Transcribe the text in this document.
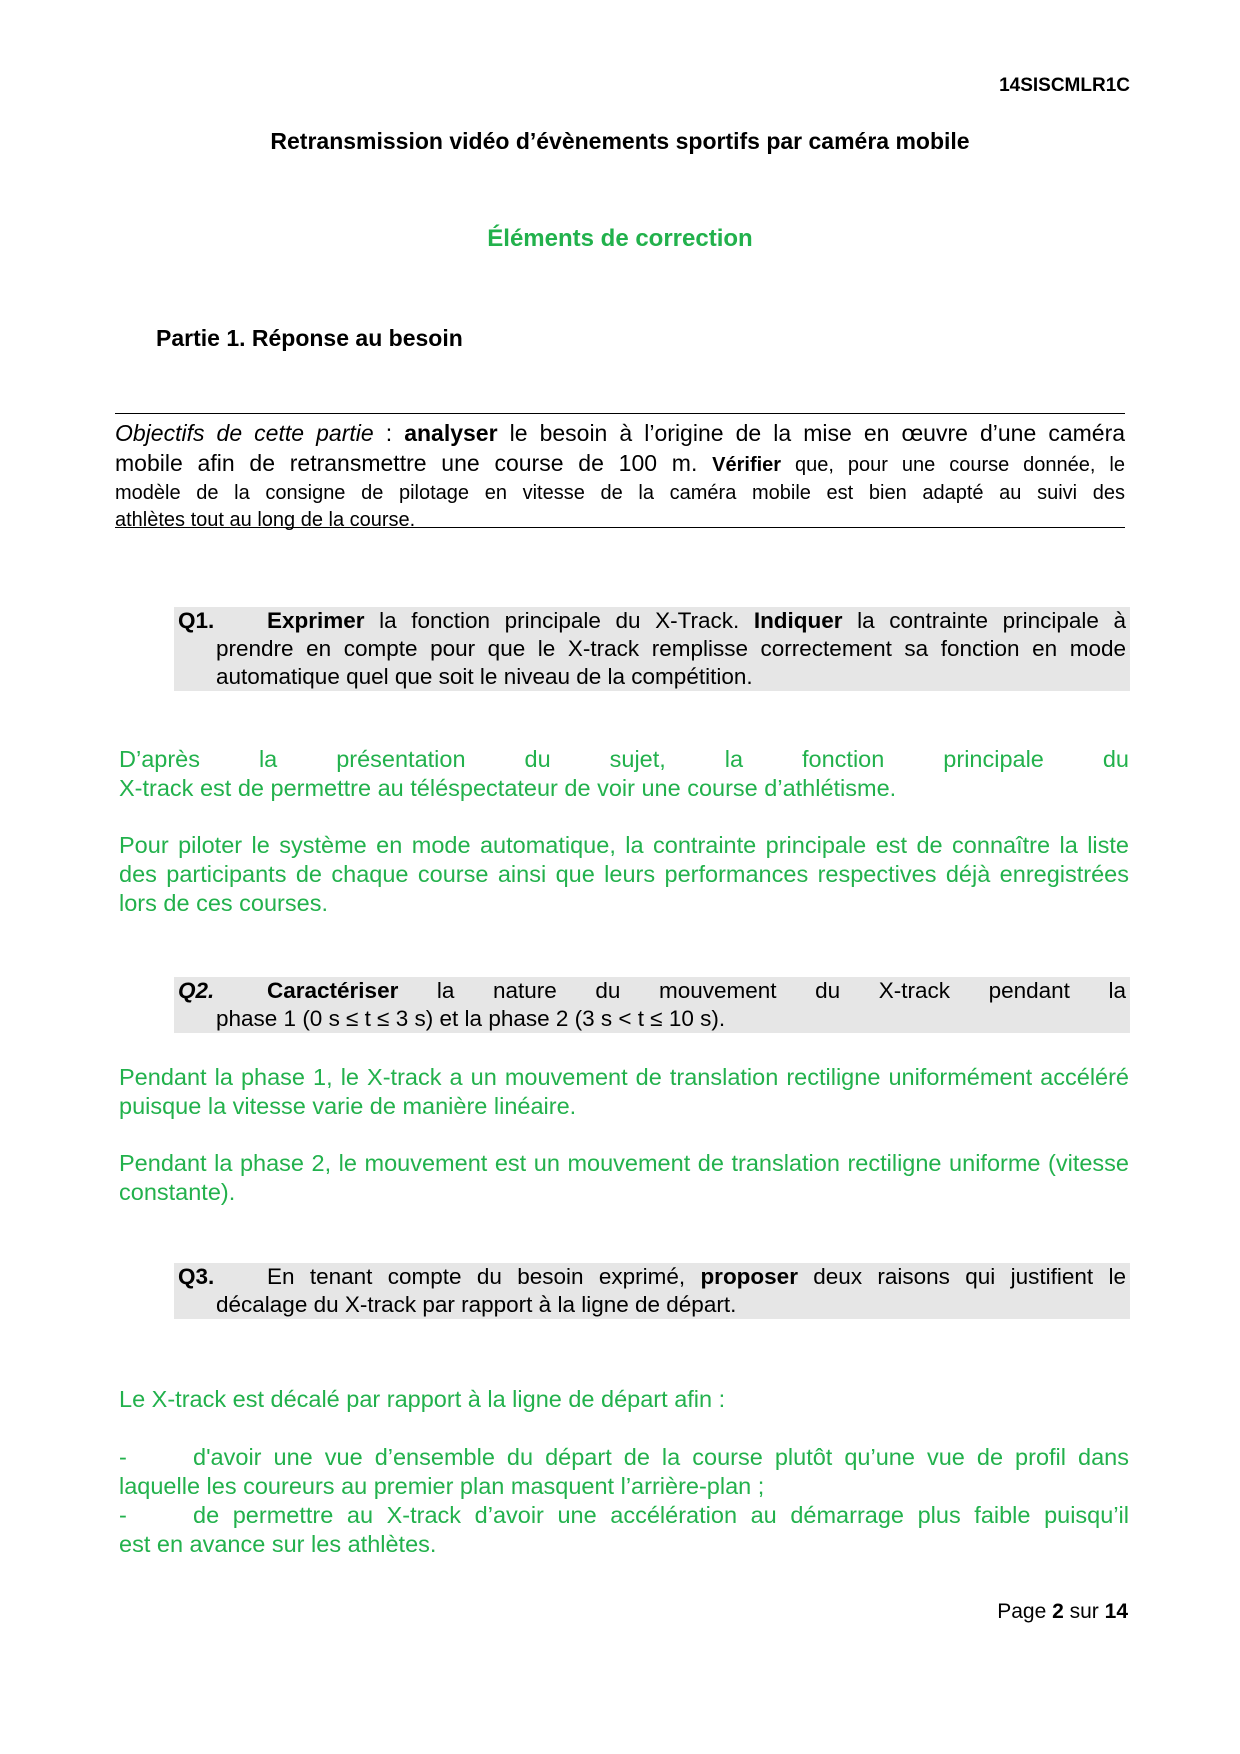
14SISCMLR1C
Retransmission vidéo d’évènements sportifs par caméra mobile
Éléments de correction
Partie 1. Réponse au besoin

Objectifs de cette partie : analyser le besoin à l’origine de la mise en œuvre d’une caméra

mobile afin de retransmettre une course de 100 m. Vérifier que, pour une course donnée, le

modèle de la consigne de pilotage en vitesse de la caméra mobile est bien adapté au suivi des

athlètes tout au long de la course.

Q1.	Exprimer la fonction principale du X-Track. Indiquer la contrainte principale à
prendre en compte pour que le X-track remplisse correctement sa fonction en mode
automatique quel que soit le niveau de la compétition.

D’après la présentation du sujet, la fonction principale du

X-track est de permettre au téléspectateur de voir une course d’athlétisme.

Pour piloter le système en mode automatique, la contrainte principale est de connaître la liste des participants de chaque course ainsi que leurs performances respectives déjà enregistrées lors de ces courses.

Q2.	Caractériser la nature du mouvement du X-track pendant la
phase 1 (0 s ≤ t ≤ 3 s) et la phase 2 (3 s < t ≤ 10 s).

Pendant la phase 1, le X-track a un mouvement de translation rectiligne uniformément accéléré puisque la vitesse varie de manière linéaire.

Pendant la phase 2, le mouvement est un mouvement de translation rectiligne uniforme (vitesse constante).

Q3.	En tenant compte du besoin exprimé, proposer deux raisons qui justifient le
décalage du X-track par rapport à la ligne de départ.

Le X-track est décalé par rapport à la ligne de départ afin :

-	d'avoir une vue d’ensemble du départ de la course plutôt qu’une vue de profil dans

laquelle les coureurs au premier plan masquent l’arrière-plan ;

-	de permettre au X-track d’avoir une accélération au démarrage plus faible puisqu’il

est en avance sur les athlètes.

Page 2 sur 14
